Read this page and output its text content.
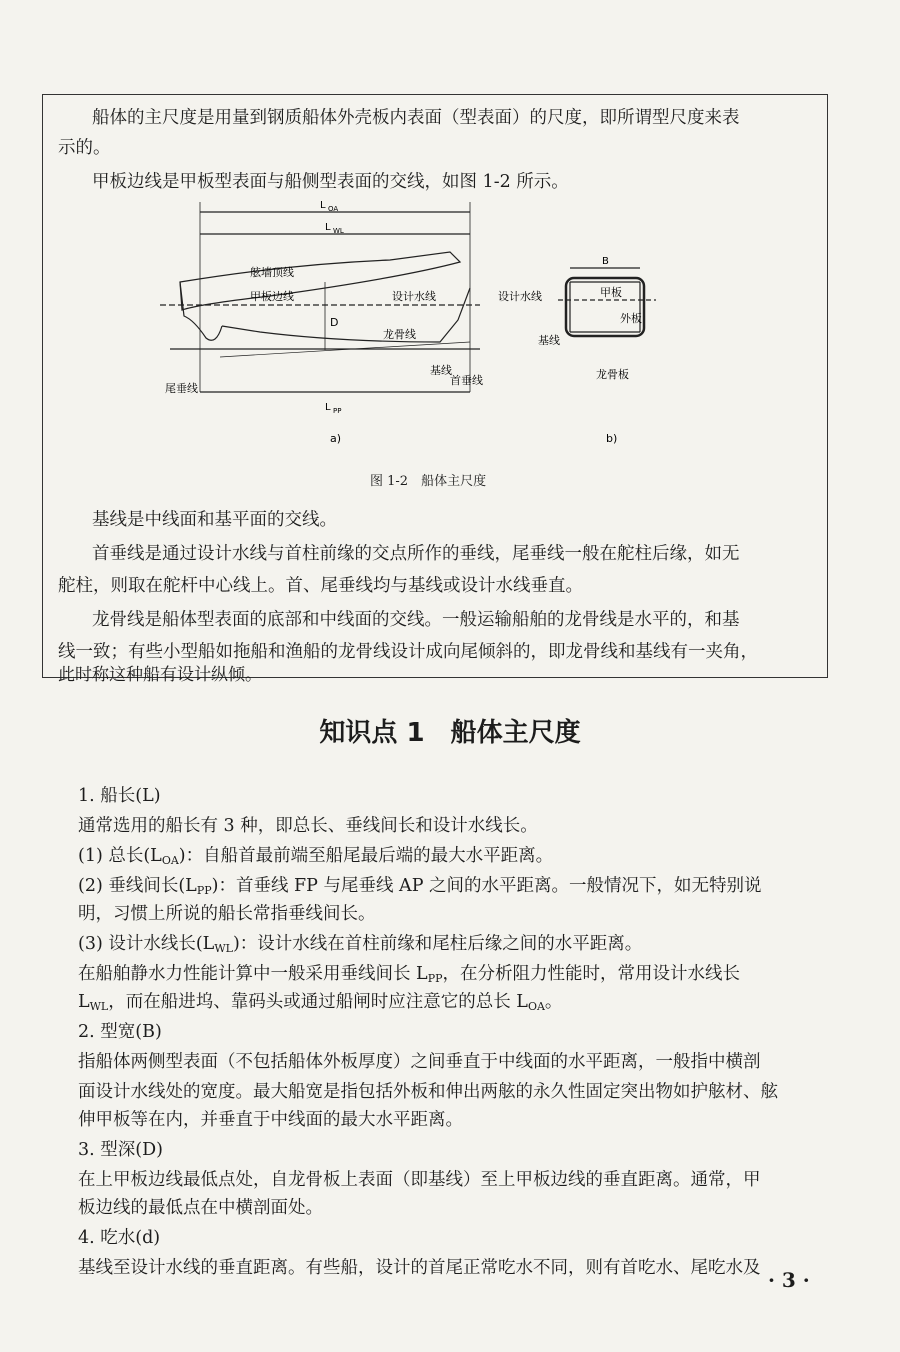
船体的主尺度是用量到钢质船体外壳板内表面（型表面）的尺度，即所谓型尺度来表
示的。
甲板边线是甲板型表面与船侧型表面的交线，如图 1-2 所示。
L OA
L WL
舷墙顶线
甲板边线	设计水线
D
龙骨线
基线
首垂线
尾垂线
L PP
a)
B
设计水线	甲板
外板
基线
龙骨板
b)
图 1-2　船体主尺度
基线是中线面和基平面的交线。
首垂线是通过设计水线与首柱前缘的交点所作的垂线，尾垂线一般在舵柱后缘，如无
舵柱，则取在舵杆中心线上。首、尾垂线均与基线或设计水线垂直。
龙骨线是船体型表面的底部和中线面的交线。一般运输船舶的龙骨线是水平的，和基
线一致；有些小型船如拖船和渔船的龙骨线设计成向尾倾斜的，即龙骨线和基线有一夹角，
此时称这种船有设计纵倾。
知识点 1　船体主尺度
1. 船长(L)
通常选用的船长有 3 种，即总长、垂线间长和设计水线长。
(1) 总长$(L_{OA})$：自船首最前端至船尾最后端的最大水平距离。
(2) 垂线间长$(L_{PP})$：首垂线 FP 与尾垂线 AP 之间的水平距离。一般情况下，如无特别说
明，习惯上所说的船长常指垂线间长。
(3) 设计水线长$(L_{WL})$：设计水线在首柱前缘和尾柱后缘之间的水平距离。
在船舶静水力性能计算中一般采用垂线间长 $L_{PP}$，在分析阻力性能时，常用设计水线长
$L_{WL}$，而在船进坞、靠码头或通过船闸时应注意它的总长 $L_{OA}$。
2. 型宽(B)
指船体两侧型表面（不包括船体外板厚度）之间垂直于中线面的水平距离，一般指中横剖
面设计水线处的宽度。最大船宽是指包括外板和伸出两舷的永久性固定突出物如护舷材、舷
伸甲板等在内，并垂直于中线面的最大水平距离。
3. 型深(D)
在上甲板边线最低点处，自龙骨板上表面（即基线）至上甲板边线的垂直距离。通常，甲
板边线的最低点在中横剖面处。
4. 吃水(d)
基线至设计水线的垂直距离。有些船，设计的首尾正常吃水不同，则有首吃水、尾吃水及 · 3 ·
